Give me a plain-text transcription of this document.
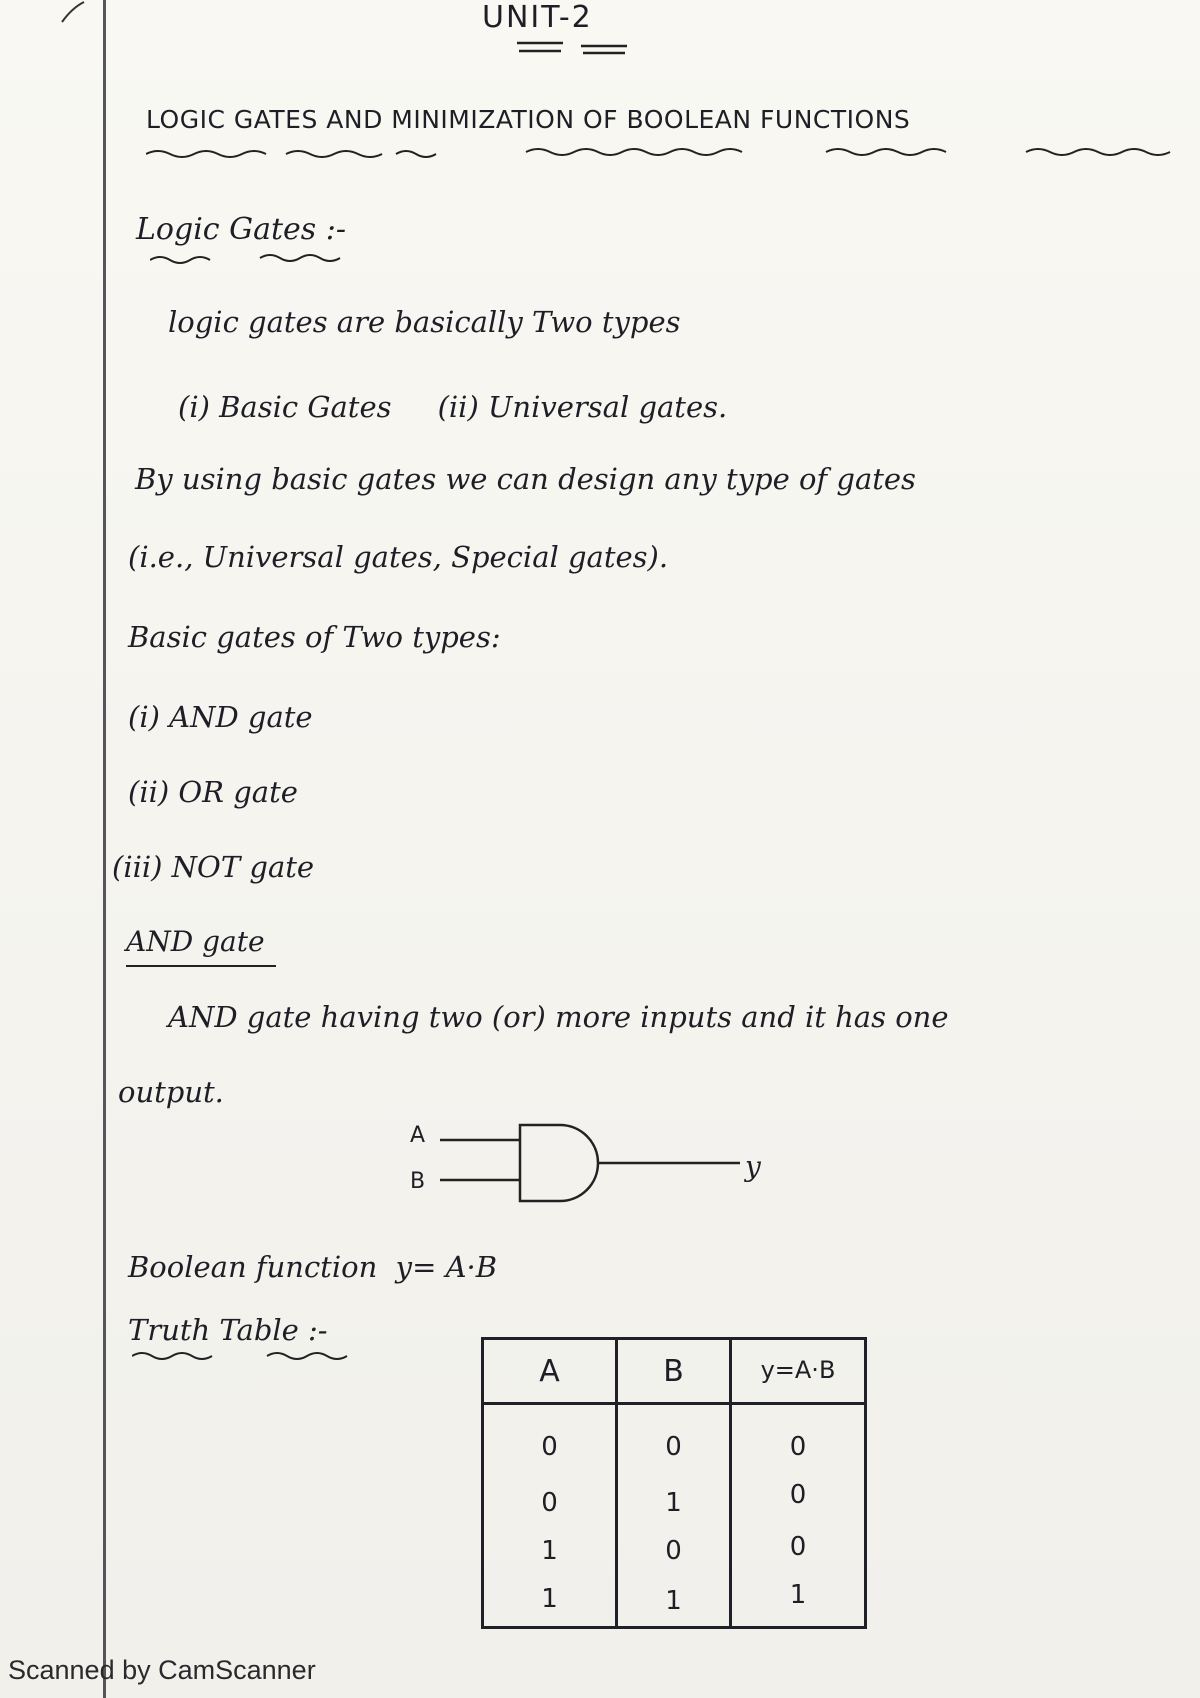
UNIT-2
LOGIC GATES AND MINIMIZATION OF BOOLEAN FUNCTIONS
Logic Gates :-
logic gates are basically Two types
(i) Basic Gates     (ii) Universal gates.
By using basic gates we can design any type of gates
(i.e., Universal gates, Special gates).
Basic gates of Two types:
(i) AND gate
(ii) OR gate
(iii) NOT gate
AND gate
AND gate having two (or) more inputs and it has one
output.
A
B	y
Boolean function  y= A·B
Truth Table :-
A	B	y=A·B
0	0	0
0	1	0
1	0	0
1	1	1
Scanned by CamScanner
